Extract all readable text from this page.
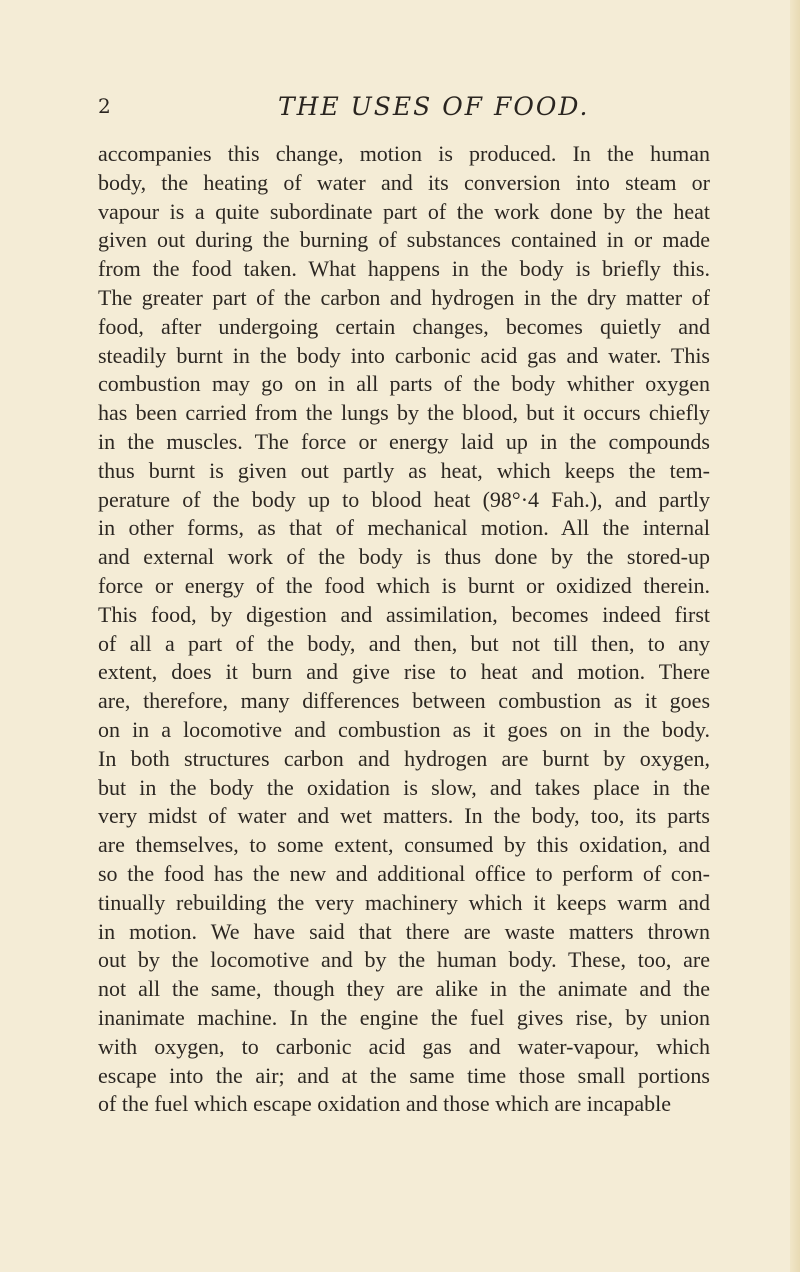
2	THE USES OF FOOD.
accompanies this change, motion is produced. In the human
body, the heating of water and its conversion into steam or
vapour is a quite subordinate part of the work done by the heat
given out during the burning of substances contained in or made
from the food taken. What happens in the body is briefly this.
The greater part of the carbon and hydrogen in the dry matter of
food, after undergoing certain changes, becomes quietly and
steadily burnt in the body into carbonic acid gas and water. This
combustion may go on in all parts of the body whither oxygen
has been carried from the lungs by the blood, but it occurs chiefly
in the muscles. The force or energy laid up in the compounds
thus burnt is given out partly as heat, which keeps the tem-
perature of the body up to blood heat (98°·4 Fah.), and partly
in other forms, as that of mechanical motion. All the internal
and external work of the body is thus done by the stored-up
force or energy of the food which is burnt or oxidized therein.
This food, by digestion and assimilation, becomes indeed first
of all a part of the body, and then, but not till then, to any
extent, does it burn and give rise to heat and motion. There
are, therefore, many differences between combustion as it goes
on in a locomotive and combustion as it goes on in the body.
In both structures carbon and hydrogen are burnt by oxygen,
but in the body the oxidation is slow, and takes place in the
very midst of water and wet matters. In the body, too, its parts
are themselves, to some extent, consumed by this oxidation, and
so the food has the new and additional office to perform of con-
tinually rebuilding the very machinery which it keeps warm and
in motion. We have said that there are waste matters thrown
out by the locomotive and by the human body. These, too, are
not all the same, though they are alike in the animate and the
inanimate machine. In the engine the fuel gives rise, by union
with oxygen, to carbonic acid gas and water-vapour, which
escape into the air; and at the same time those small portions
of the fuel which escape oxidation and those which are incapable
